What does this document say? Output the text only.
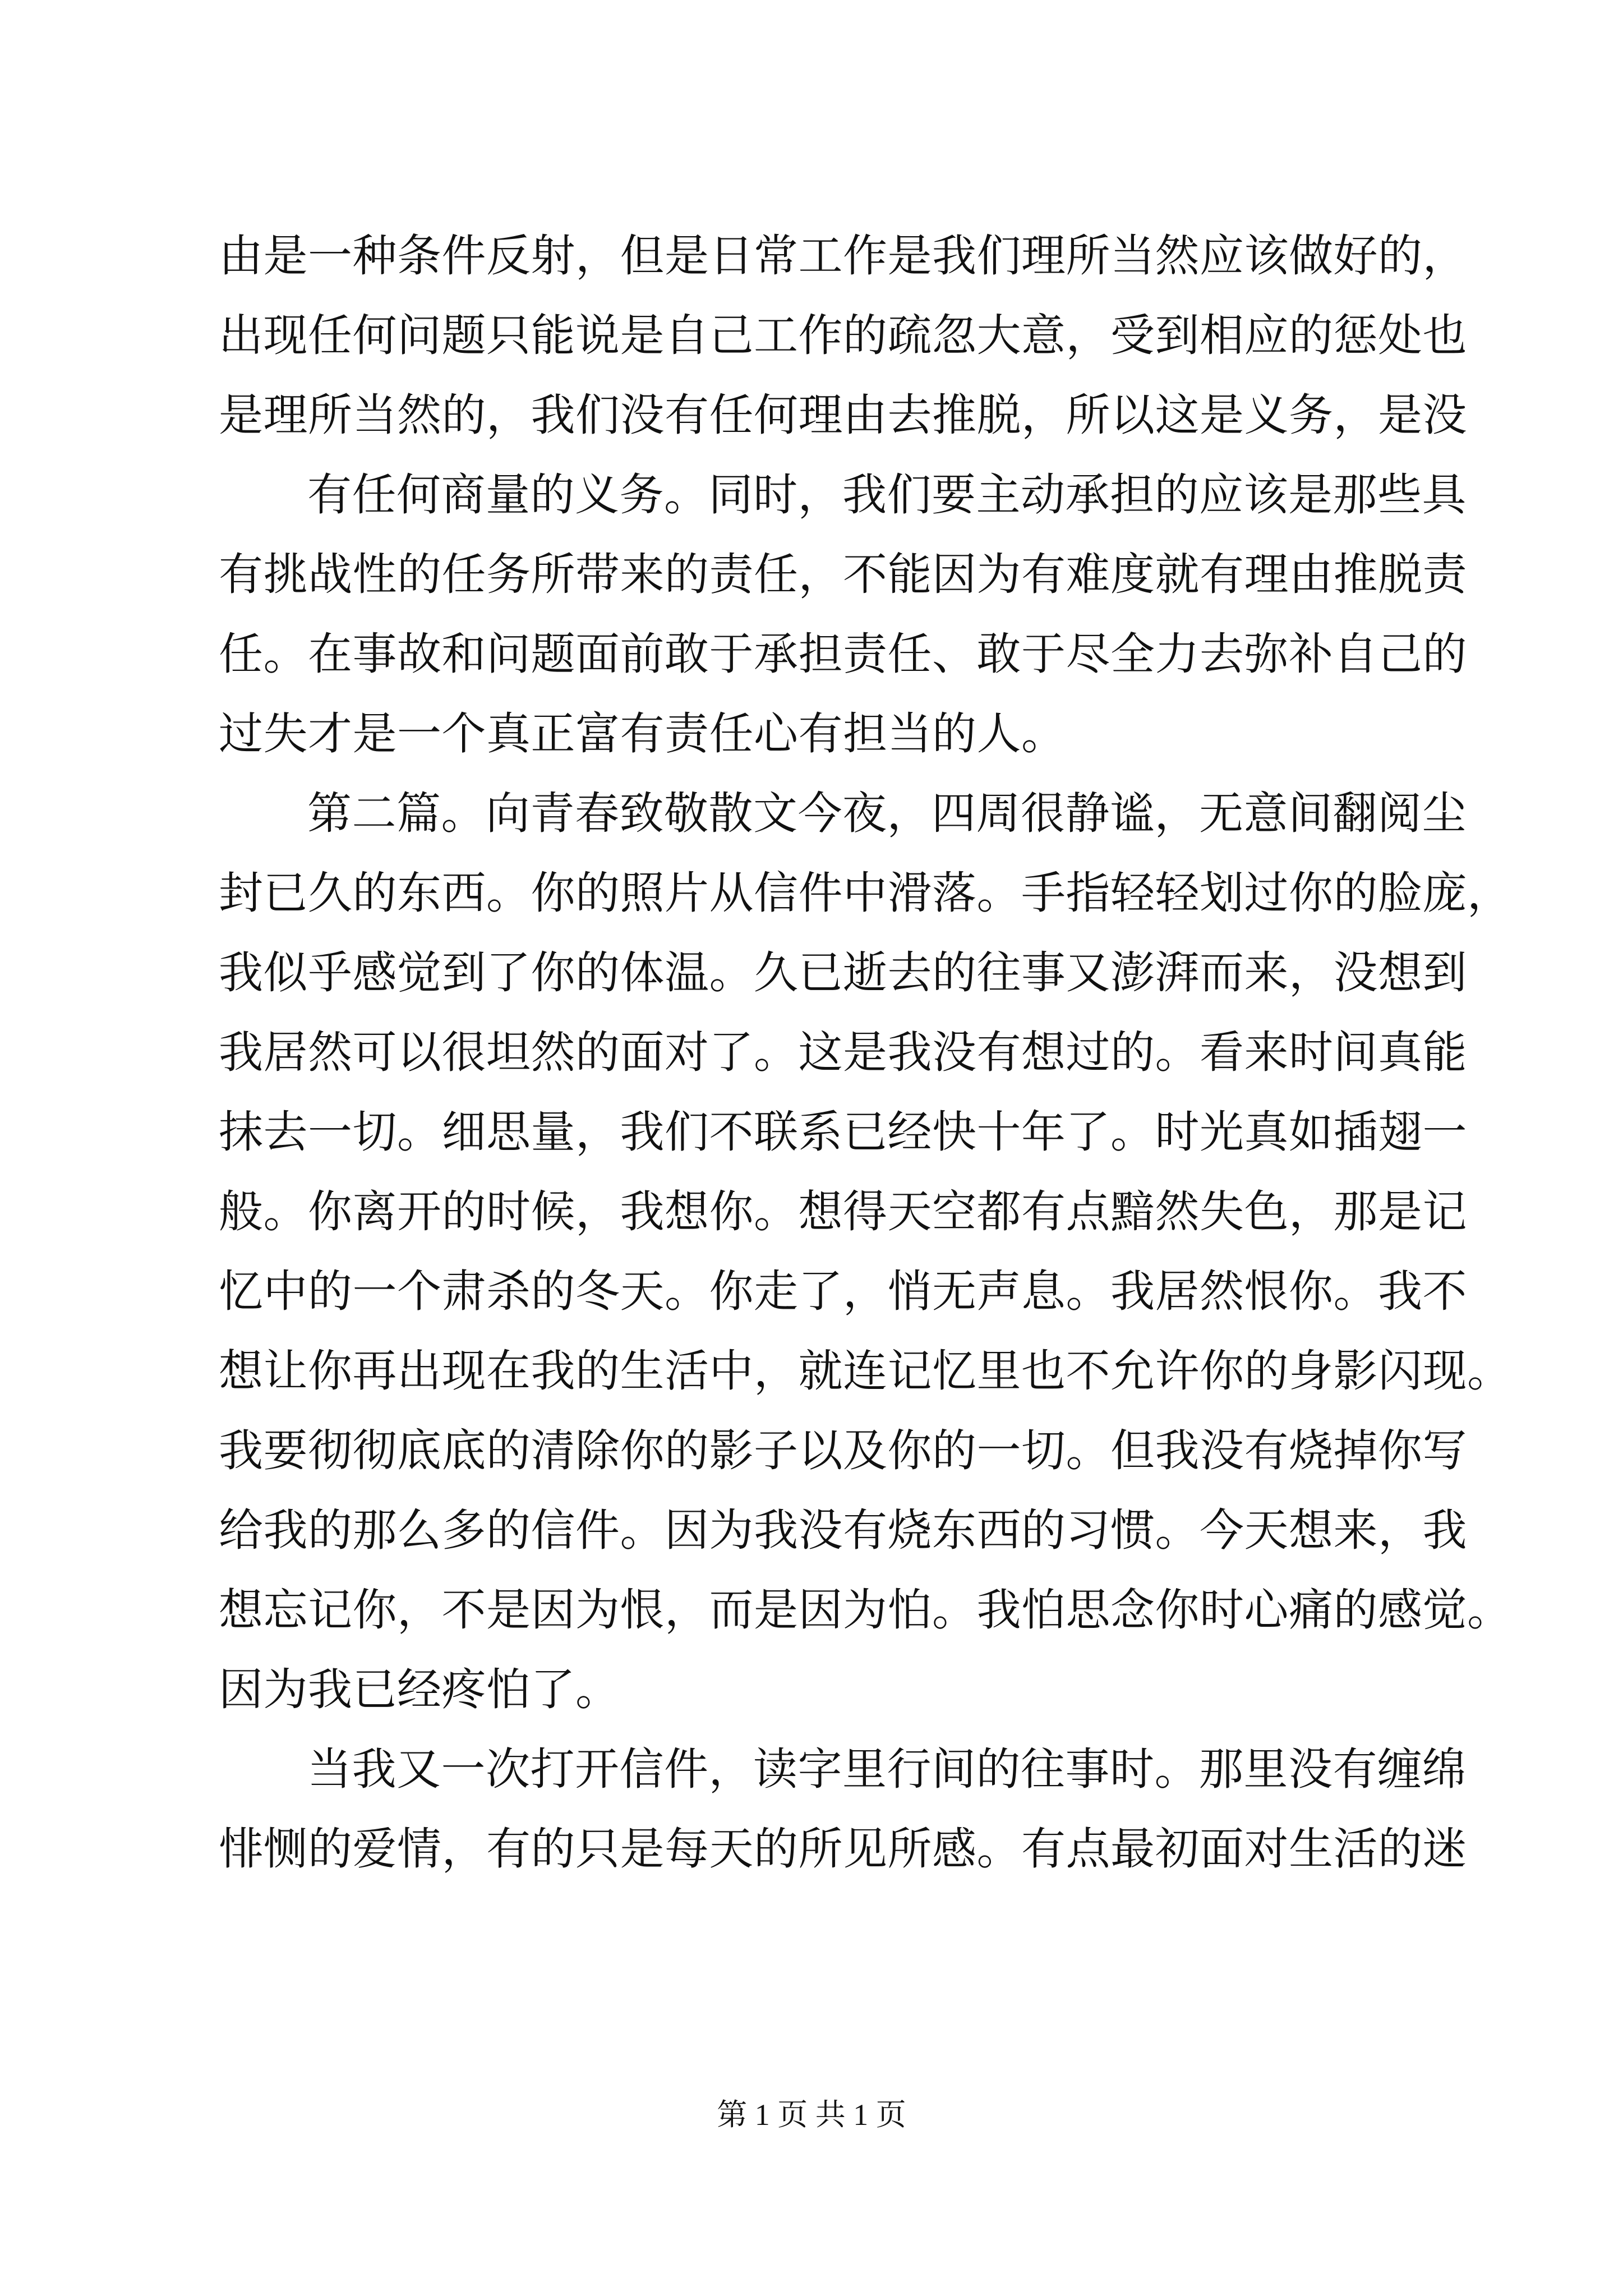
由是一种条件反射，但是日常工作是我们理所当然应该做好的，
出现任何问题只能说是自己工作的疏忽大意，受到相应的惩处也
是理所当然的，我们没有任何理由去推脱，所以这是义务，是没
有任何商量的义务。同时，我们要主动承担的应该是那些具
有挑战性的任务所带来的责任，不能因为有难度就有理由推脱责
任。在事故和问题面前敢于承担责任、敢于尽全力去弥补自己的
过失才是一个真正富有责任心有担当的人。
第二篇。向青春致敬散文今夜，四周很静谧，无意间翻阅尘
封已久的东西。你的照片从信件中滑落。手指轻轻划过你的脸庞，
我似乎感觉到了你的体温。久已逝去的往事又澎湃而来，没想到
我居然可以很坦然的面对了。这是我没有想过的。看来时间真能
抹去一切。细思量，我们不联系已经快十年了。时光真如插翅一
般。你离开的时候，我想你。想得天空都有点黯然失色，那是记
忆中的一个肃杀的冬天。你走了，悄无声息。我居然恨你。我不
想让你再出现在我的生活中，就连记忆里也不允许你的身影闪现。
我要彻彻底底的清除你的影子以及你的一切。但我没有烧掉你写
给我的那么多的信件。因为我没有烧东西的习惯。今天想来，我
想忘记你，不是因为恨，而是因为怕。我怕思念你时心痛的感觉。
因为我已经疼怕了。
当我又一次打开信件，读字里行间的往事时。那里没有缠绵
悱恻的爱情，有的只是每天的所见所感。有点最初面对生活的迷
第 1 页 共 1 页
